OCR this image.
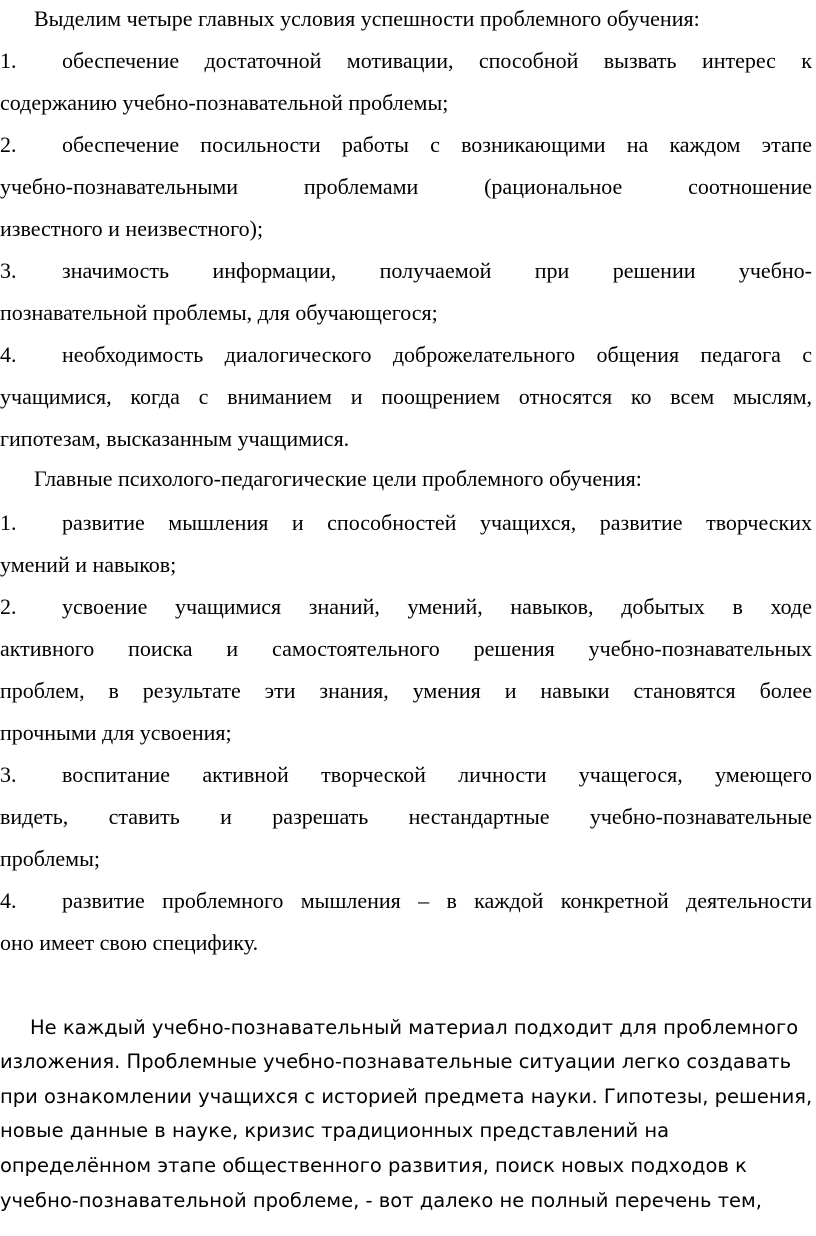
Выделим четыре главных условия успешности проблемного обучения:
1. обеспечение достаточной мотивации, способной вызвать интерес к
содержанию учебно-познавательной проблемы;
2. обеспечение посильности работы с возникающими на каждом этапе
учебно-познавательными проблемами (рациональное соотношение
известного и неизвестного);
3. значимость информации, получаемой при решении учебно-
познавательной проблемы, для обучающегося;
4. необходимость диалогического доброжелательного общения педагога с
учащимися, когда с вниманием и поощрением относятся ко всем мыслям,
гипотезам, высказанным учащимися.
Главные психолого-педагогические цели проблемного обучения:
1. развитие мышления и способностей учащихся, развитие творческих
умений и навыков;
2. усвоение учащимися знаний, умений, навыков, добытых в ходе
активного поиска и самостоятельного решения учебно-познавательных
проблем, в результате эти знания, умения и навыки становятся более
прочными для усвоения;
3. воспитание активной творческой личности учащегося, умеющего
видеть, ставить и разрешать нестандартные учебно-познавательные
проблемы;
4. развитие проблемного мышления – в каждой конкретной деятельности
оно имеет свою специфику.
Не каждый учебно-познавательный материал подходит для проблемного
изложения. Проблемные учебно-познавательные ситуации легко создавать
при ознакомлении учащихся с историей предмета науки. Гипотезы, решения,
новые данные в науке, кризис традиционных представлений на
определённом этапе общественного развития, поиск новых подходов к
учебно-познавательной проблеме, - вот далеко не полный перечень тем,
